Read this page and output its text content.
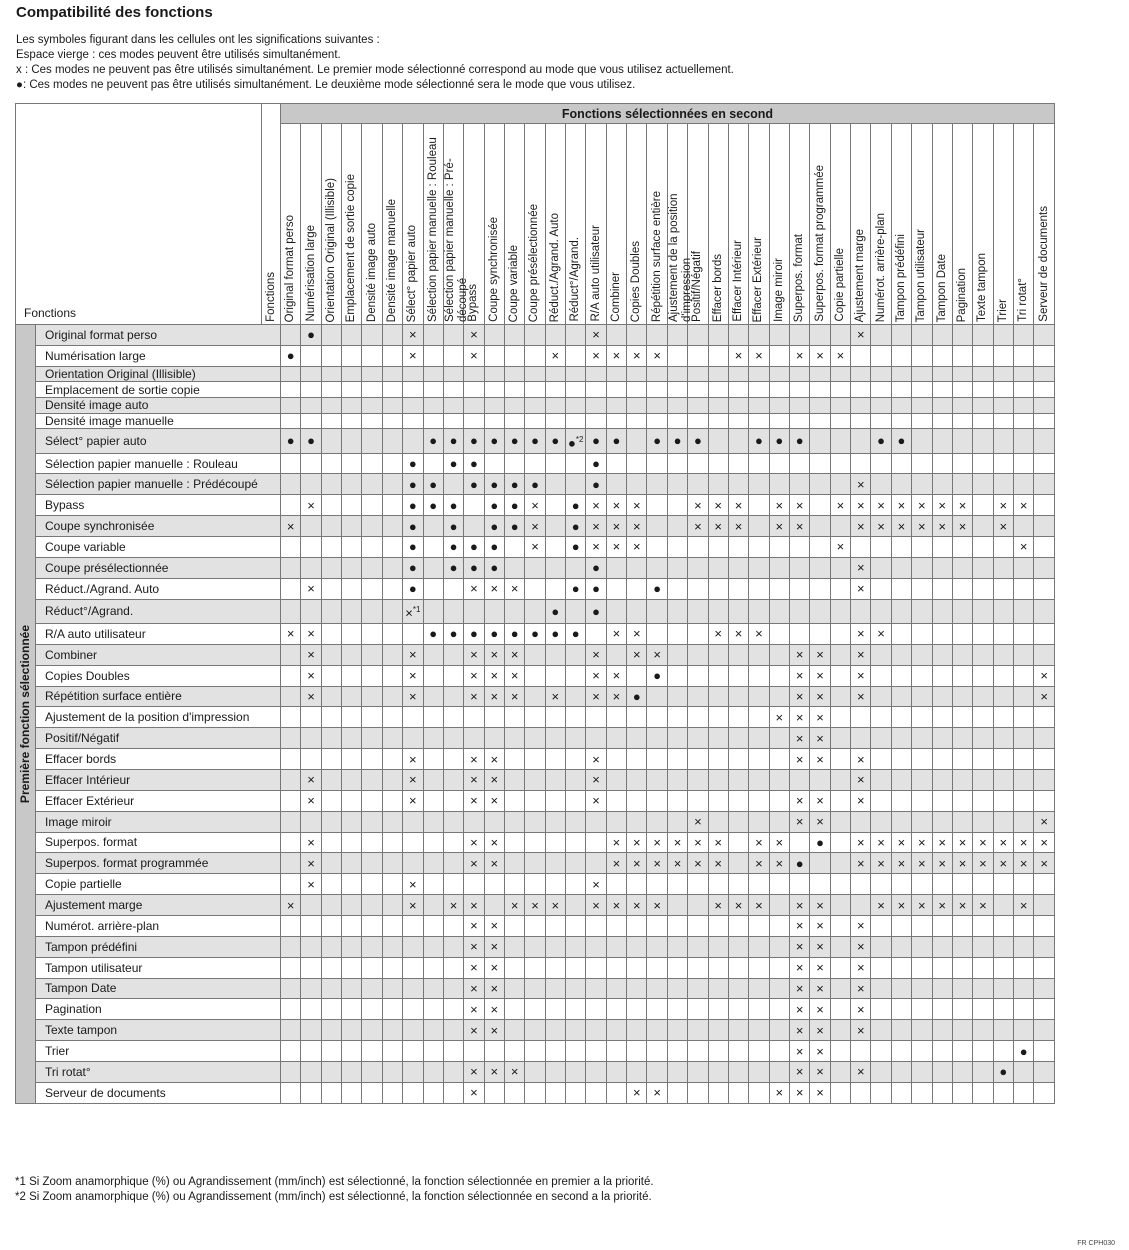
Compatibilité des fonctions
Les symboles figurant dans les cellules ont les significations suivantes :
Espace vierge : ces modes peuvent être utilisés simultanément.
x : Ces modes ne peuvent pas être utilisés simultanément. Le premier mode sélectionné correspond au mode que vous utilisez actuellement.
●: Ces modes ne peuvent pas être utilisés simultanément. Le deuxième mode sélectionné sera le mode que vous utilisez.
Fonctions		Fonctions	Fonctions sélectionnées en second																																					

			Original format perso	Numérisation large	Orientation Original (Illisible)	Emplacement de sortie copie	Densité image auto	Densité image manuelle	Sélect° papier auto	Sélection papier manuelle : Rouleau	Sélection papier manuelle : Pré-découpé	Bypass	Coupe synchronisée	Coupe variable	Coupe présélectionnée	Réduct./Agrand. Auto	Réduct°/Agrand.	R/A auto utilisateur	Combiner	Copies Doubles	Répétition surface entière	Ajustement de la position d'impression	Positif/Négatif	Effacer bords	Effacer Intérieur	Effacer Extérieur	Image miroir	Superpos. format	Superpos. format programmée	Copie partielle	Ajustement marge	Numérot. arrière-plan	Tampon prédéfini	Tampon utilisateur	Tampon Date	Pagination	Texte tampon	Trier	Tri rotat°	Serveur de documents

Première fonction sélectionnée	Original format perso			●					×			×						×													×									
	Numérisation large		●						×			×				×		×	×	×	×				×	×		×	×	×										
	Orientation Original (Illisible)																																							
	Emplacement de sortie copie																																							
	Densité image auto																																							
	Densité image manuelle																																							
	Sélect° papier auto		●	●						●	●	●	●	●	●	●	●$^{*2}$	●	●		●	●	●			●	●	●				●	●							
	Sélection papier manuelle : Rouleau								●		●	●						●																						
	Sélection papier manuelle : Prédécoupé								●	●		●	●	●	●			●													×									
	Bypass			×					●	●	●		●	●	×		●	×	×	×			×	×	×		×	×		×	×	×	×	×	×	×		×	×	
	Coupe synchronisée		×						●		●		●	●	×		●	×	×	×			×	×	×		×	×			×	×	×	×	×	×		×		
	Coupe variable								●		●	●	●		×		●	×	×	×										×									×	
	Coupe présélectionnée								●		●	●	●					●													×									
	Réduct./Agrand. Auto			×					●			×	×	×			●	●			●										×									
	Réduct°/Agrand.								×$^{*1}$							●		●																						
	R/A auto utilisateur		×	×						●	●	●	●	●	●	●	●		×	×				×	×	×					×	×								
	Combiner			×					×			×	×	×				×		×	×							×	×		×									
	Copies Doubles			×					×			×	×	×				×	×		●							×	×		×									×
	Répétition surface entière			×					×			×	×	×		×		×	×	●								×	×		×									×
	Ajustement de la position d'impression																										×	×	×											
	Positif/Négatif																											×	×											
	Effacer bords								×			×	×					×										×	×		×									
	Effacer Intérieur			×					×			×	×					×													×									
	Effacer Extérieur			×					×			×	×					×										×	×		×									
	Image miroir																						×					×	×											×
	Superpos. format			×								×	×						×	×	×	×	×	×		×	×		●		×	×	×	×	×	×	×	×	×	×
	Superpos. format programmée			×								×	×						×	×	×	×	×	×		×	×	●			×	×	×	×	×	×	×	×	×	×
	Copie partielle			×					×									×																						
	Ajustement marge		×						×		×	×		×	×	×		×	×	×	×			×	×	×		×	×			×	×	×	×	×	×		×	
	Numérot. arrière-plan											×	×															×	×		×									
	Tampon prédéfini											×	×															×	×		×									
	Tampon utilisateur											×	×															×	×		×									
	Tampon Date											×	×															×	×		×									
	Pagination											×	×															×	×		×									
	Texte tampon											×	×															×	×		×									
	Trier																											×	×										●	
	Tri rotat°											×	×	×														×	×		×							●		
	Serveur de documents											×								×	×						×	×	×											
*1 Si Zoom anamorphique (%) ou Agrandissement (mm/inch) est sélectionné, la fonction sélectionnée en premier a la priorité.
*2 Si Zoom anamorphique (%) ou Agrandissement (mm/inch) est sélectionné, la fonction sélectionnée en second a la priorité.
FR CPH030
